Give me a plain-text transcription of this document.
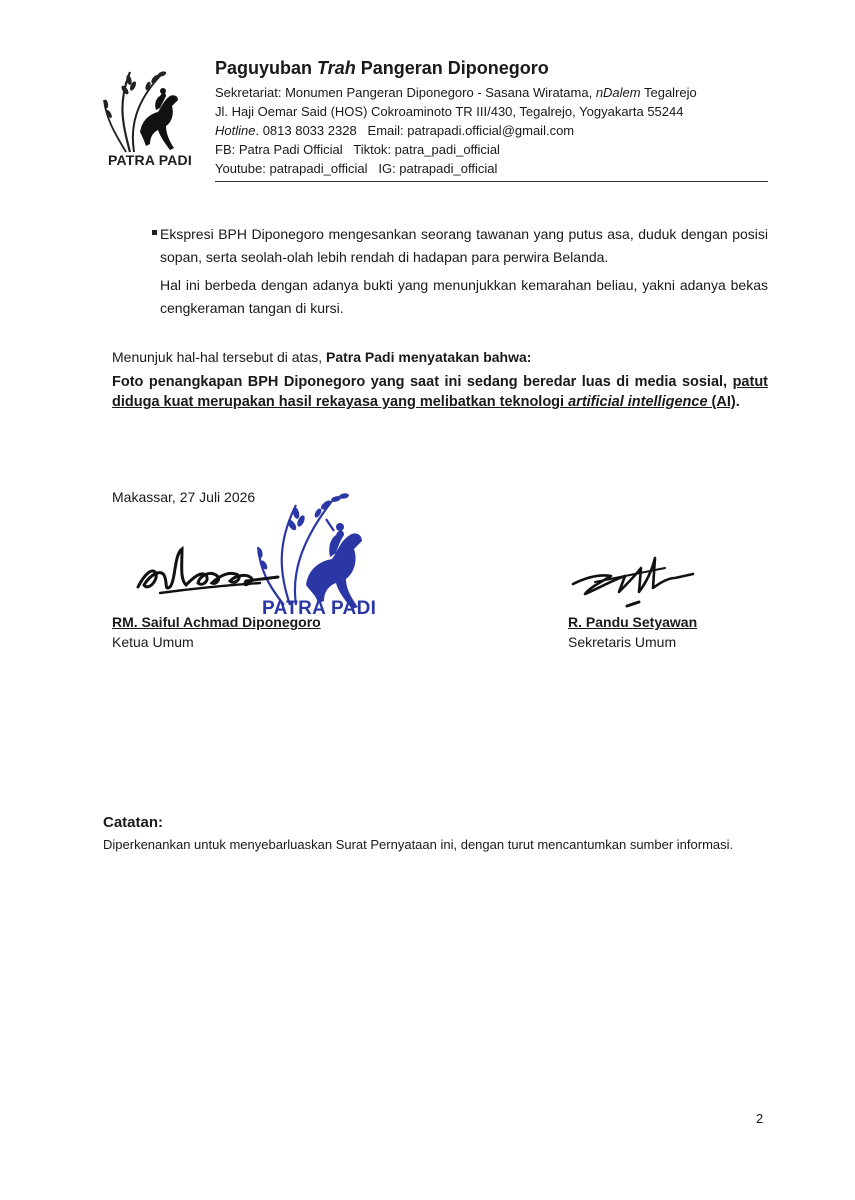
PATRA PADI
Paguyuban Trah Pangeran Diponegoro
Sekretariat: Monumen Pangeran Diponegoro - Sasana Wiratama, nDalem Tegalrejo
Jl. Haji Oemar Said (HOS) Cokroaminoto TR III/430, Tegalrejo, Yogyakarta 55244
Hotline. 0813 8033 2328 Email: patrapadi.official@gmail.com
FB: Patra Padi Official   Tiktok: patra_padi_official
Youtube: patrapadi_official   IG: patrapadi_official

Ekspresi BPH Diponegoro mengesankan seorang tawanan yang putus asa, duduk dengan posisi sopan, serta seolah-olah lebih rendah di hadapan para perwira Belanda.

Hal ini berbeda dengan adanya bukti yang menunjukkan kemarahan beliau, yakni adanya bekas cengkeraman tangan di kursi.

Menunjuk hal-hal tersebut di atas, Patra Padi menyatakan bahwa:
Foto penangkapan BPH Diponegoro yang saat ini sedang beredar luas di media sosial, patut diduga kuat merupakan hasil rekayasa yang melibatkan teknologi artificial intelligence (AI).
Makassar, 27 Juli 2026
PATRA PADI
RM. Saiful Achmad Diponegoro
Ketua Umum
R. Pandu Setyawan
Sekretaris Umum
Catatan:
Diperkenankan untuk menyebarluaskan Surat Pernyataan ini, dengan turut mencantumkan sumber informasi.
2
